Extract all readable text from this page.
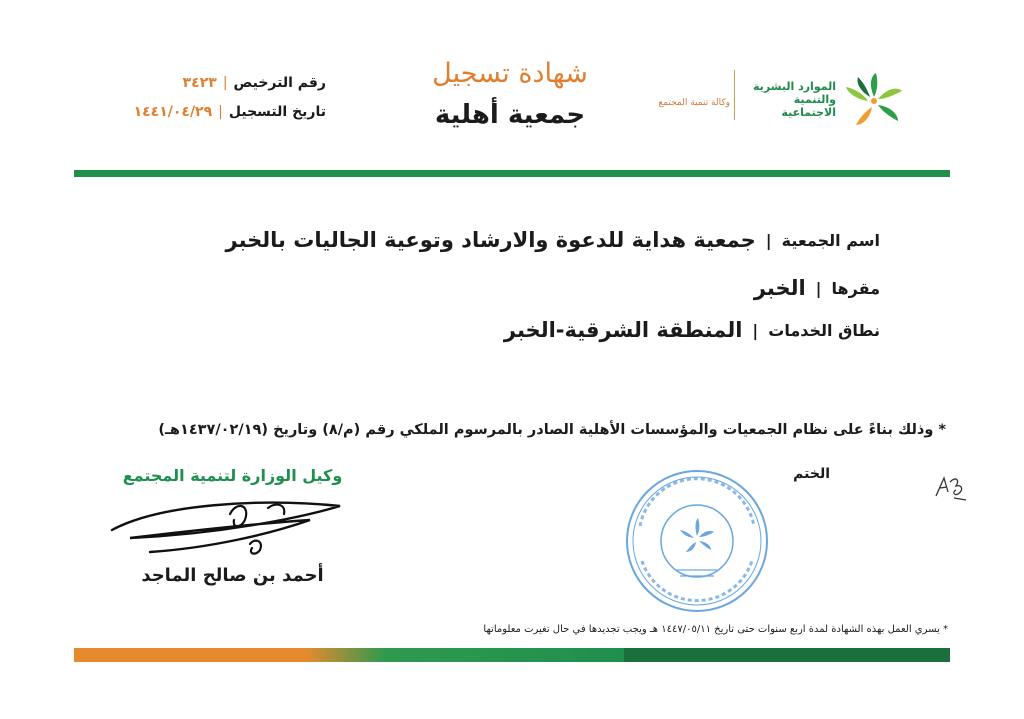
الموارد البشرية والتنمية الاجتماعية
وكالة تنمية المجتمع
شهادة تسجيل
جمعية أهلية
رقم الترخيص
|
٣٤٢٣
تاريخ التسجيل
|
١٤٤١/٠٤/٢٩
اسم الجمعية
|
جمعية هداية للدعوة والارشاد وتوعية الجاليات بالخبر
مقرها
|
الخبر
نطاق الخدمات
|
المنطقة الشرقية-الخبر
* وذلك بناءً على نظام الجمعيات والمؤسسات الأهلية الصادر بالمرسوم الملكي رقم (م/٨) وتاريخ (١٤٣٧/٠٢/١٩هـ)
الختم
وكيل الوزارة لتنمية المجتمع
أحمد بن صالح الماجد
* يسري العمل بهذه الشهادة لمدة اربع سنوات حتى تاريخ ١٤٤٧/٠٥/١١ هـ ويجب تجديدها في حال تغيرت معلوماتها
